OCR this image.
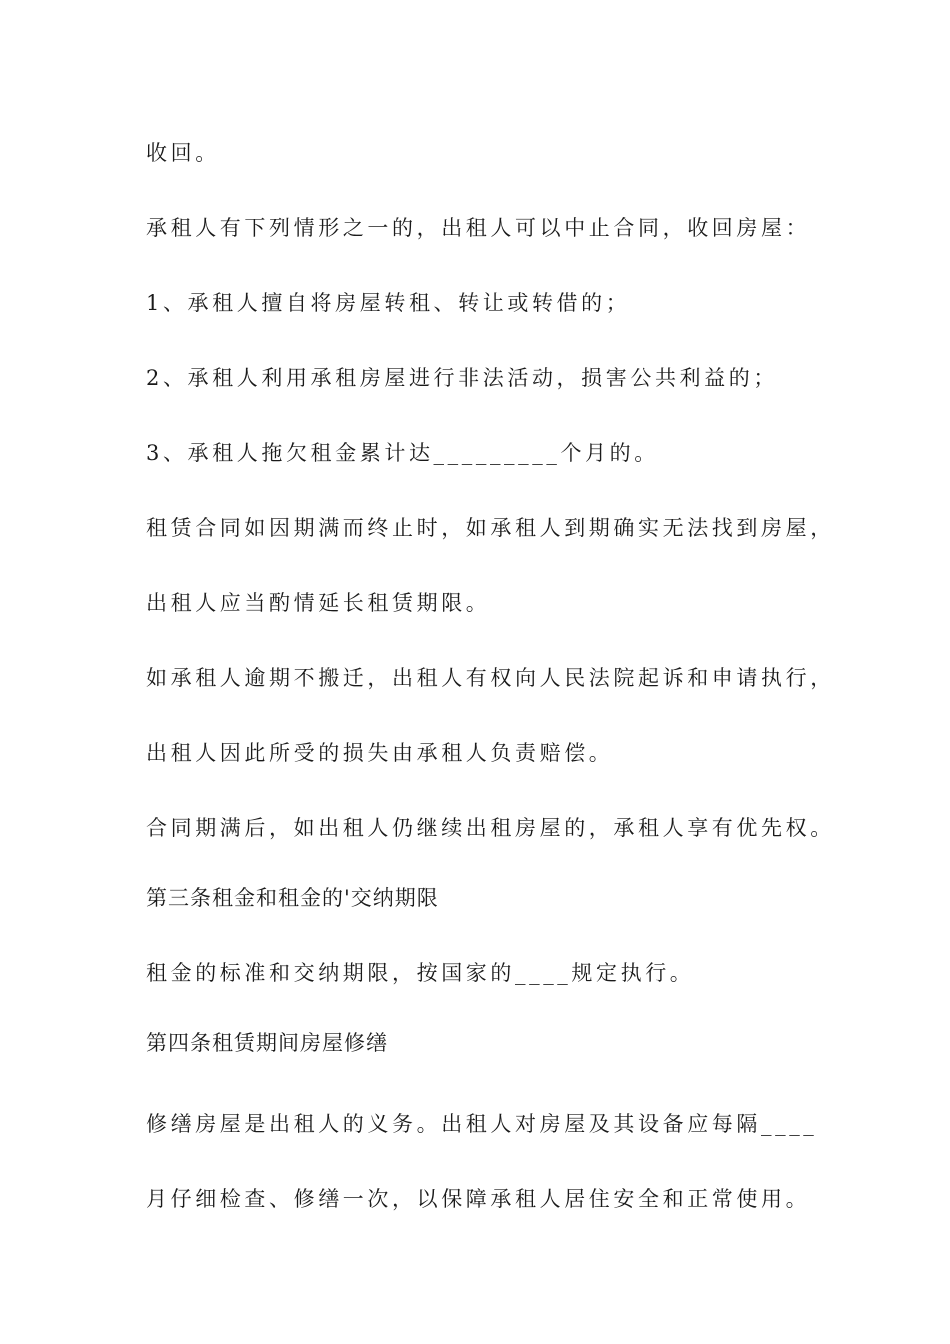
收回。

承租人有下列情形之一的，出租人可以中止合同，收回房屋：

1、承租人擅自将房屋转租、转让或转借的；

2、承租人利用承租房屋进行非法活动，损害公共利益的；

3、承租人拖欠租金累计达_________个月的。

租赁合同如因期满而终止时，如承租人到期确实无法找到房屋，

出租人应当酌情延长租赁期限。

如承租人逾期不搬迁，出租人有权向人民法院起诉和申请执行，

出租人因此所受的损失由承租人负责赔偿。

合同期满后，如出租人仍继续出租房屋的，承租人享有优先权。

第三条租金和租金的'交纳期限

租金的标准和交纳期限，按国家的____规定执行。

第四条租赁期间房屋修缮

修缮房屋是出租人的义务。出租人对房屋及其设备应每隔____

月仔细检查、修缮一次，以保障承租人居住安全和正常使用。
